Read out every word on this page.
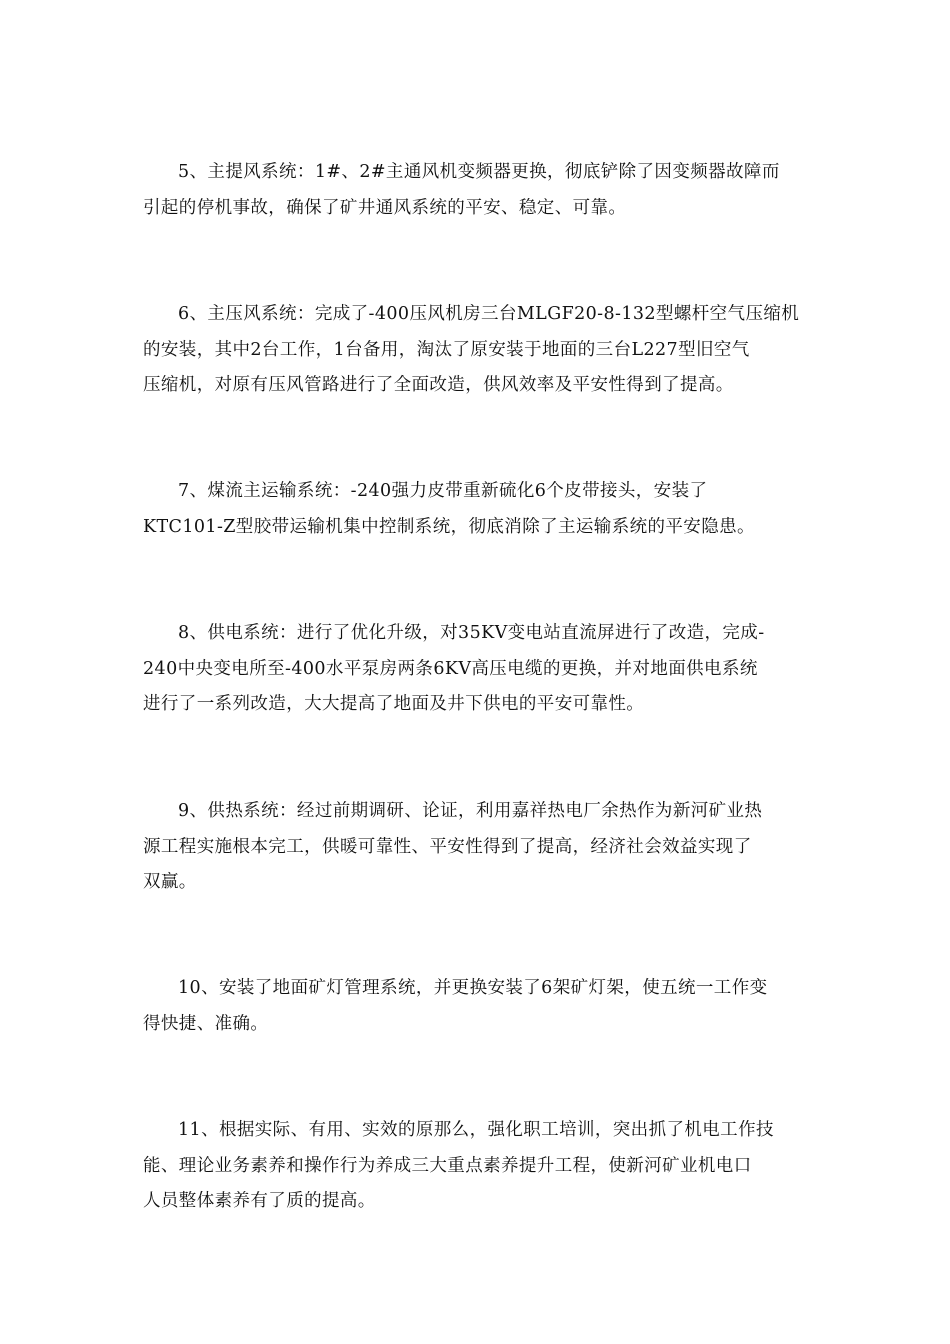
5、主提风系统：1#、2#主通风机变频器更换，彻底铲除了因变频器故障而
引起的停机事故，确保了矿井通风系统的平安、稳定、可靠。
6、主压风系统：完成了-400压风机房三台MLGF20-8-132型螺杆空气压缩机
的安装，其中2台工作，1台备用，淘汰了原安装于地面的三台L227型旧空气
压缩机，对原有压风管路进行了全面改造，供风效率及平安性得到了提高。
7、煤流主运输系统：-240强力皮带重新硫化6个皮带接头，安装了
KTC101-Z型胶带运输机集中控制系统，彻底消除了主运输系统的平安隐患。
8、供电系统：进行了优化升级，对35KV变电站直流屏进行了改造，完成-
240中央变电所至-400水平泵房两条6KV高压电缆的更换，并对地面供电系统
进行了一系列改造，大大提高了地面及井下供电的平安可靠性。
9、供热系统：经过前期调研、论证，利用嘉祥热电厂余热作为新河矿业热
源工程实施根本完工，供暖可靠性、平安性得到了提高，经济社会效益实现了
双赢。
10、安装了地面矿灯管理系统，并更换安装了6架矿灯架，使五统一工作变
得快捷、准确。
11、根据实际、有用、实效的原那么，强化职工培训，突出抓了机电工作技
能、理论业务素养和操作行为养成三大重点素养提升工程，使新河矿业机电口
人员整体素养有了质的提高。
